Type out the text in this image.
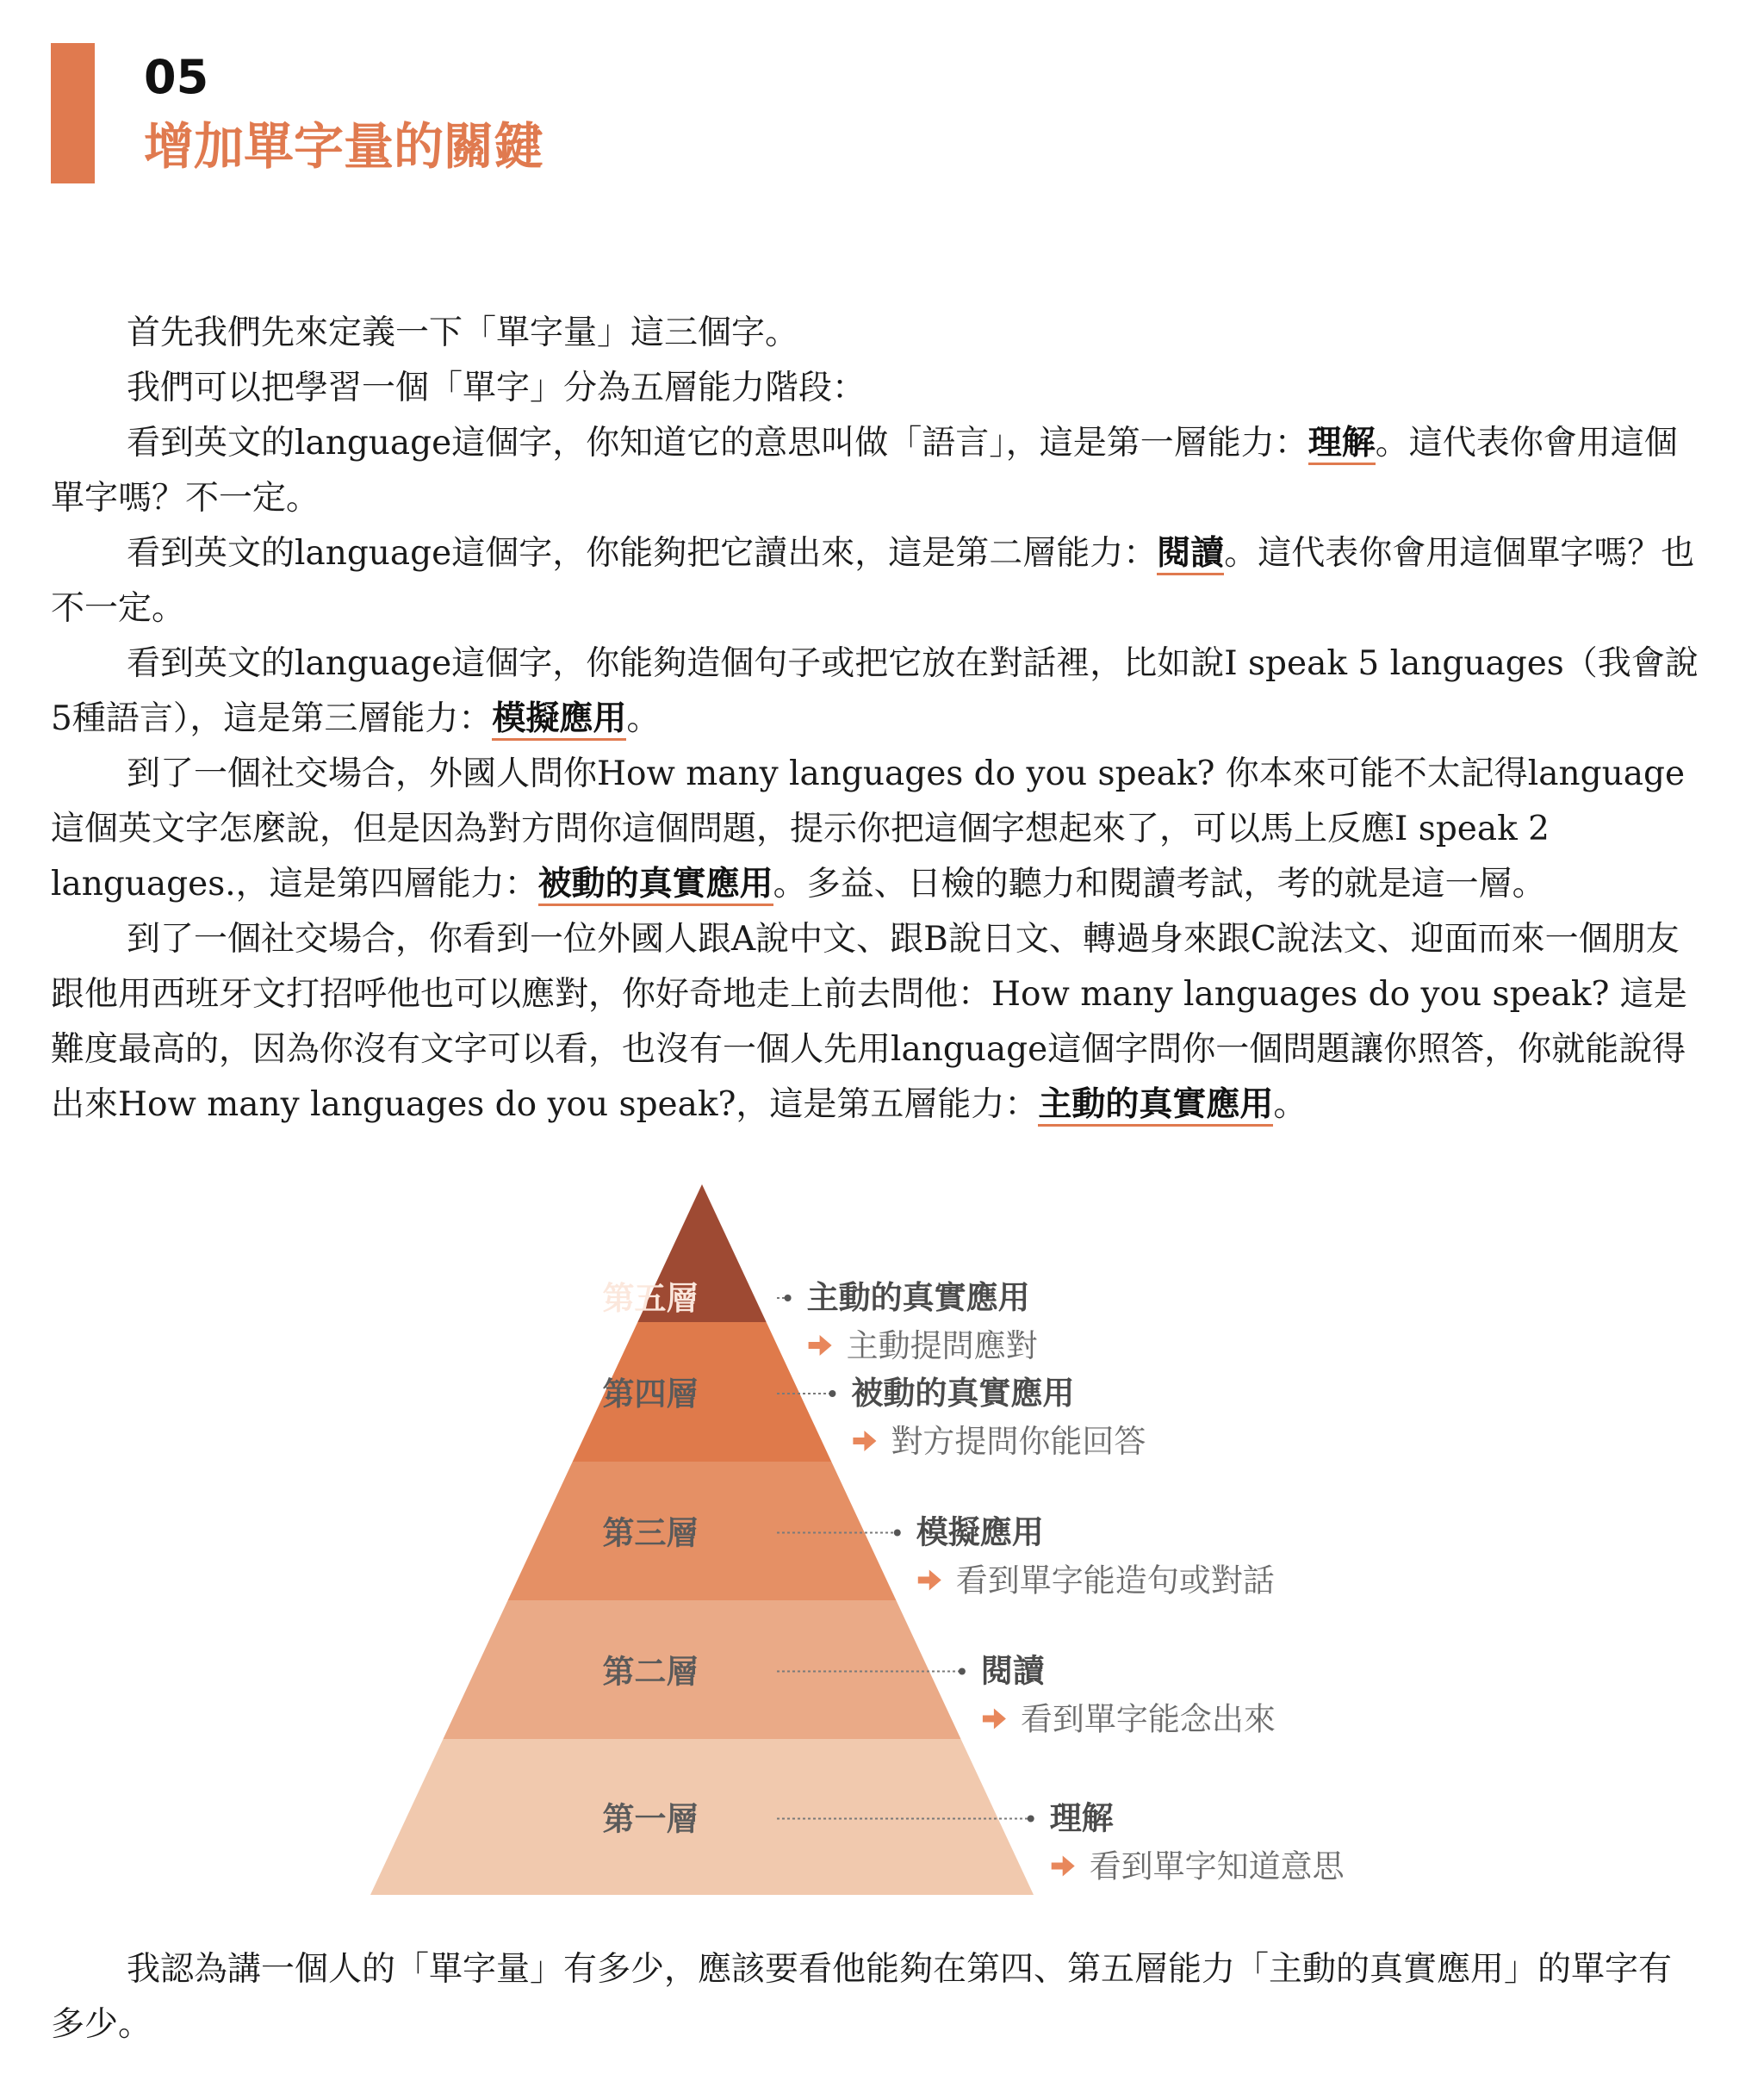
05
增加單字量的關鍵

首先我們先來定義一下「單字量」這三個字。

我們可以把學習一個「單字」分為五層能力階段：

看到英文的language這個字，你知道它的意思叫做「語言」，這是第一層能力：理解。這代表你會用這個單字嗎？不一定。

看到英文的language這個字，你能夠把它讀出來，這是第二層能力：閱讀。這代表你會用這個單字嗎？也不一定。

看到英文的language這個字，你能夠造個句子或把它放在對話裡，比如說I speak 5 languages（我會說5種語言），這是第三層能力：模擬應用。

到了一個社交場合，外國人問你How many languages do you speak? 你本來可能不太記得language這個英文字怎麼說，但是因為對方問你這個問題，提示你把這個字想起來了，可以馬上反應I speak 2 languages.，這是第四層能力：被動的真實應用。多益、日檢的聽力和閱讀考試，考的就是這一層。

到了一個社交場合，你看到一位外國人跟A說中文、跟B說日文、轉過身來跟C說法文、迎面而來一個朋友跟他用西班牙文打招呼他也可以應對，你好奇地走上前去問他：How many languages do you speak? 這是難度最高的，因為你沒有文字可以看，也沒有一個人先用language這個字問你一個問題讓你照答，你就能說得出來How many languages do you speak?，這是第五層能力：主動的真實應用。

第五層	主動的真實應用
主動提問應對
第四層	被動的真實應用
對方提問你能回答
第三層	模擬應用
看到單字能造句或對話
第二層	閱讀
看到單字能念出來
第一層	理解
看到單字知道意思

我認為講一個人的「單字量」有多少，應該要看他能夠在第四、第五層能力「主動的真實應用」的單字有多少。
